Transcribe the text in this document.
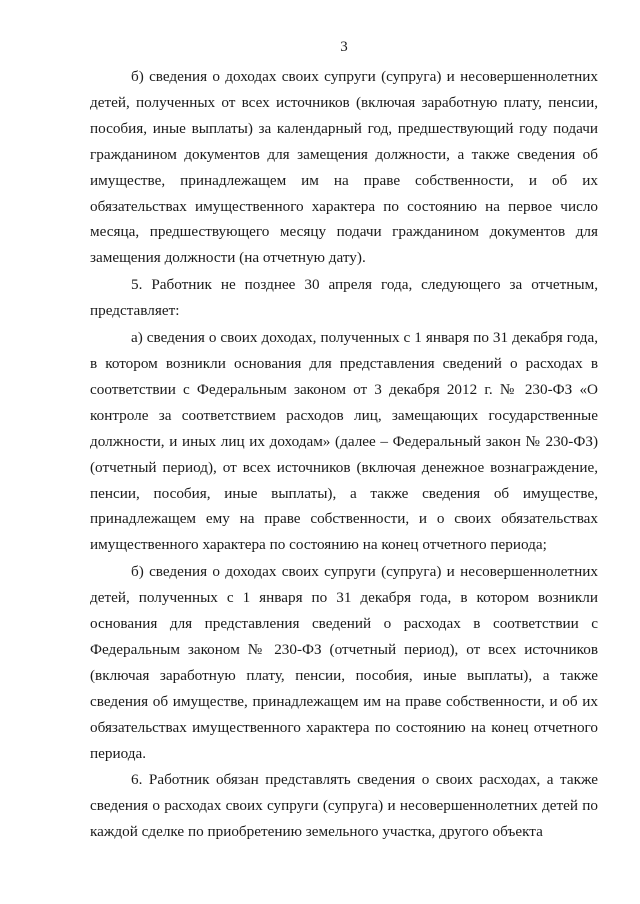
3

б) сведения о доходах своих супруги (супруга) и несовершеннолетних детей, полученных от всех источников (включая заработную плату, пенсии, пособия, иные выплаты) за календарный год, предшествующий году подачи гражданином документов для замещения должности, а также сведения об имуществе, принадлежащем им на праве собственности, и об их обязательствах имущественного характера по состоянию на первое число месяца, предшествующего месяцу подачи гражданином документов для замещения должности (на отчетную дату).

5. Работник не позднее 30 апреля года, следующего за отчетным, представляет:

а) сведения о своих доходах, полученных с 1 января по 31 декабря года, в котором возникли основания для представления сведений о расходах в соответствии с Федеральным законом от 3 декабря 2012 г. № 230-ФЗ «О контроле за соответствием расходов лиц, замещающих государственные должности, и иных лиц их доходам» (далее – Федеральный закон № 230-ФЗ) (отчетный период), от всех источников (включая денежное вознаграждение, пенсии, пособия, иные выплаты), а также сведения об имуществе, принадлежащем ему на праве собственности, и о своих обязательствах имущественного характера по состоянию на конец отчетного периода;

б) сведения о доходах своих супруги (супруга) и несовершеннолетних детей, полученных с 1 января по 31 декабря года, в котором возникли основания для представления сведений о расходах в соответствии с Федеральным законом № 230-ФЗ (отчетный период), от всех источников (включая заработную плату, пенсии, пособия, иные выплаты), а также сведения об имуществе, принадлежащем им на праве собственности, и об их обязательствах имущественного характера по состоянию на конец отчетного периода.

6. Работник обязан представлять сведения о своих расходах, а также сведения о расходах своих супруги (супруга) и несовершеннолетних детей по каждой сделке по приобретению земельного участка, другого объекта
